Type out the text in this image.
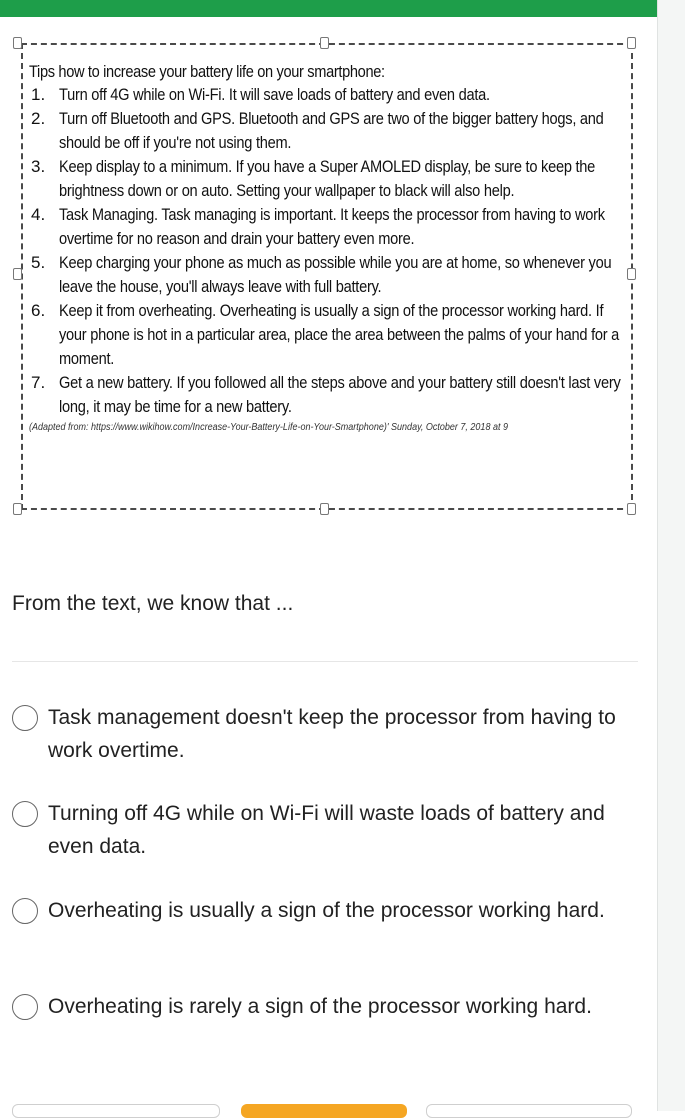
Tips how to increase your battery life on your smartphone:
1. Turn off 4G while on Wi-Fi. It will save loads of battery and even data.
2. Turn off Bluetooth and GPS. Bluetooth and GPS are two of the bigger battery hogs, and should be off if you're not using them.
3. Keep display to a minimum. If you have a Super AMOLED display, be sure to keep the brightness down or on auto. Setting your wallpaper to black will also help.
4. Task Managing. Task managing is important. It keeps the processor from having to work overtime for no reason and drain your battery even more.
5. Keep charging your phone as much as possible while you are at home, so whenever you leave the house, you'll always leave with full battery.
6. Keep it from overheating. Overheating is usually a sign of the processor working hard. If your phone is hot in a particular area, place the area between the palms of your hand for a moment.
7. Get a new battery. If you followed all the steps above and your battery still doesn't last very long, it may be time for a new battery.
(Adapted from: https://www.wikihow.com/Increase-Your-Battery-Life-on-Your-Smartphone)' Sunday, October 7, 2018 at 9
From the text, we know that ...
Task management doesn't keep the processor from having to work overtime.
Turning off 4G while on Wi-Fi will waste loads of battery and even data.
Overheating is usually a sign of the processor working hard.
Overheating is rarely a sign of the processor working hard.
